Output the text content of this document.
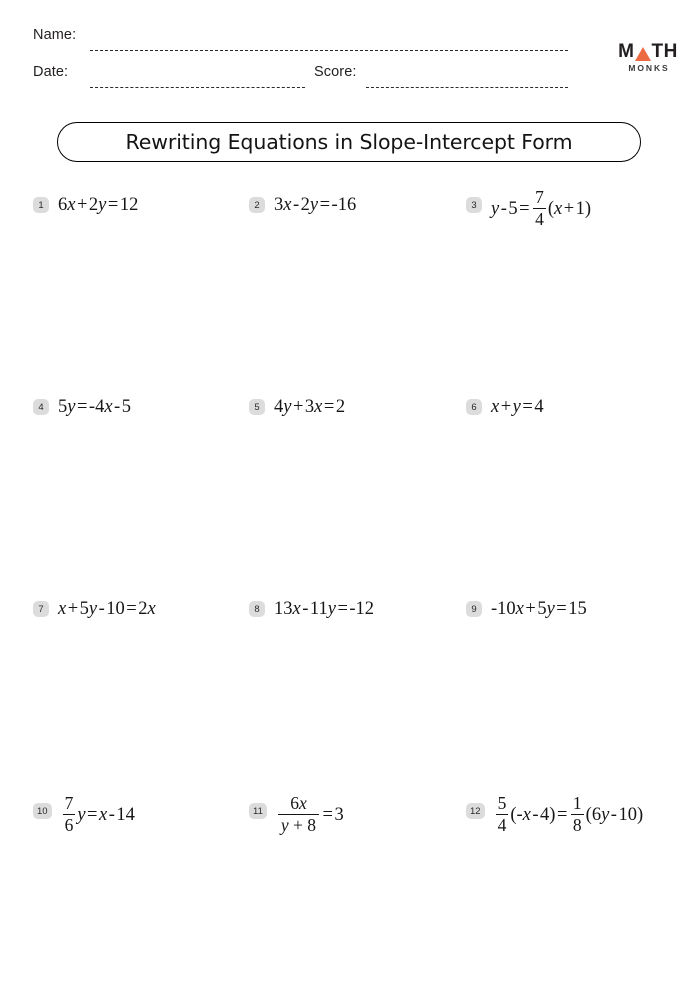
Name:
Date:	Score:
M TH
MONKS
Rewriting Equations in Slope-Intercept Form
1 6 x + 2 y = 12	2 3 x - 2 y = -16	3 $y - 5 = \frac{7}{4}$ ( x + 1 )
4 5 y = -4 x - 5	5 4 y + 3 x = 2	6 x + y = 4
7 x + 5 y - 10 = 2 x	8 13 x - 11 y = -12	9 -10 x + 5 y = 15
$10 \frac{7}{6}$ y = x - 14	$11 \frac{6x}{y + 8} = 3$	$12 \frac{5}{4}$ (- x - 4 ) = $\frac{1}{8}$ ( 6 y - 10 )
